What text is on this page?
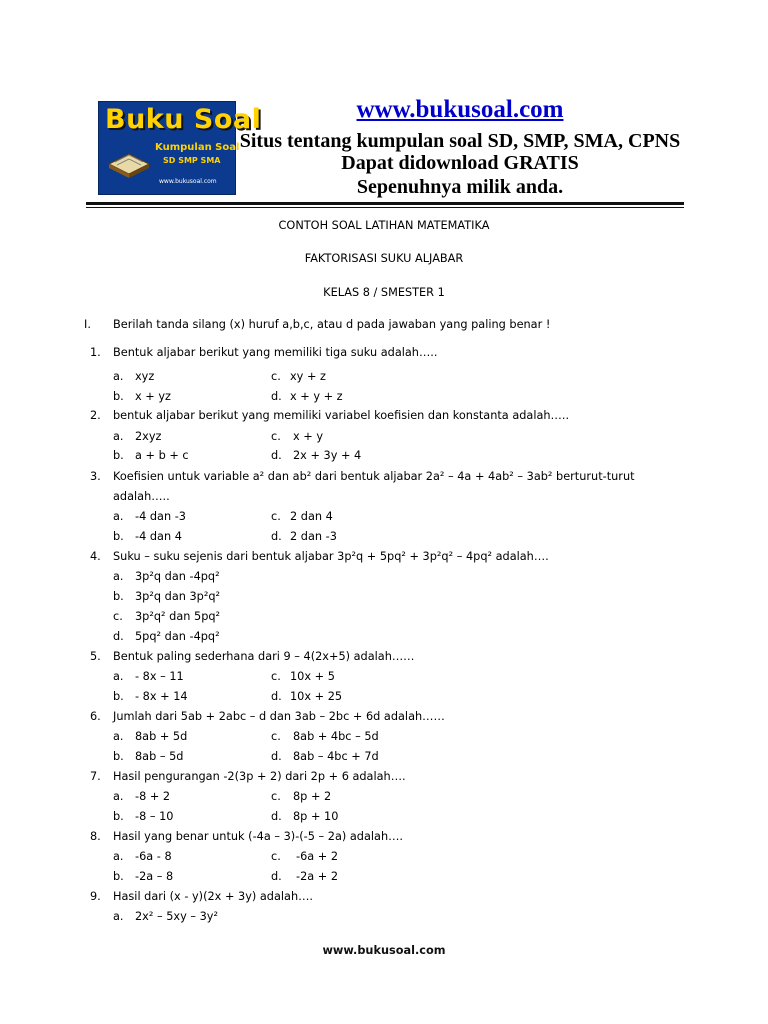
Buku Soal
Kumpulan Soal
SD SMP SMA
www.bukusoal.com
www.bukusoal.com
Situs tentang kumpulan soal SD, SMP, SMA, CPNS
Dapat didownload GRATIS
Sepenuhnya milik anda.
CONTOH SOAL LATIHAN MATEMATIKA
FAKTORISASI SUKU ALJABAR
KELAS 8 / SMESTER 1
I. Berilah tanda silang (x) huruf a,b,c, atau d pada jawaban yang paling benar !
1. Bentuk aljabar berikut yang memiliki tiga suku adalah…..
a. xyz	c. xy + z
b. x + yz	d. x + y + z
2. bentuk aljabar berikut yang memiliki variabel koefisien dan konstanta adalah…..
a. 2xyz	c. x + y
b. a + b + c	d. 2x + 3y + 4
3. Koefisien untuk variable a² dan ab² dari bentuk aljabar 2a² – 4a + 4ab² – 3ab² berturut-turut
adalah…..
a. -4 dan -3	c. 2 dan 4
b. -4 dan 4	d. 2 dan -3
4. Suku – suku sejenis dari bentuk aljabar 3p²q + 5pq² + 3p²q² – 4pq² adalah….
a. 3p²q dan -4pq²
b. 3p²q dan 3p²q²
c. 3p²q² dan 5pq²
d. 5pq² dan -4pq²
5. Bentuk paling sederhana dari 9 – 4(2x+5) adalah……
a. - 8x – 11	c. 10x + 5
b. - 8x + 14	d. 10x + 25
6. Jumlah dari 5ab + 2abc – d dan 3ab – 2bc + 6d adalah……
a. 8ab + 5d	c. 8ab + 4bc – 5d
b. 8ab – 5d	d. 8ab – 4bc + 7d
7. Hasil pengurangan -2(3p + 2) dari 2p + 6 adalah….
a. -8 + 2	c. 8p + 2
b. -8 – 10	d. 8p + 10
8. Hasil yang benar untuk (-4a – 3)-(-5 – 2a) adalah….
a. -6a - 8	c. -6a + 2
b. -2a – 8	d. -2a + 2
9. Hasil dari (x - y)(2x + 3y) adalah….
a. 2x² – 5xy – 3y²
www.bukusoal.com
